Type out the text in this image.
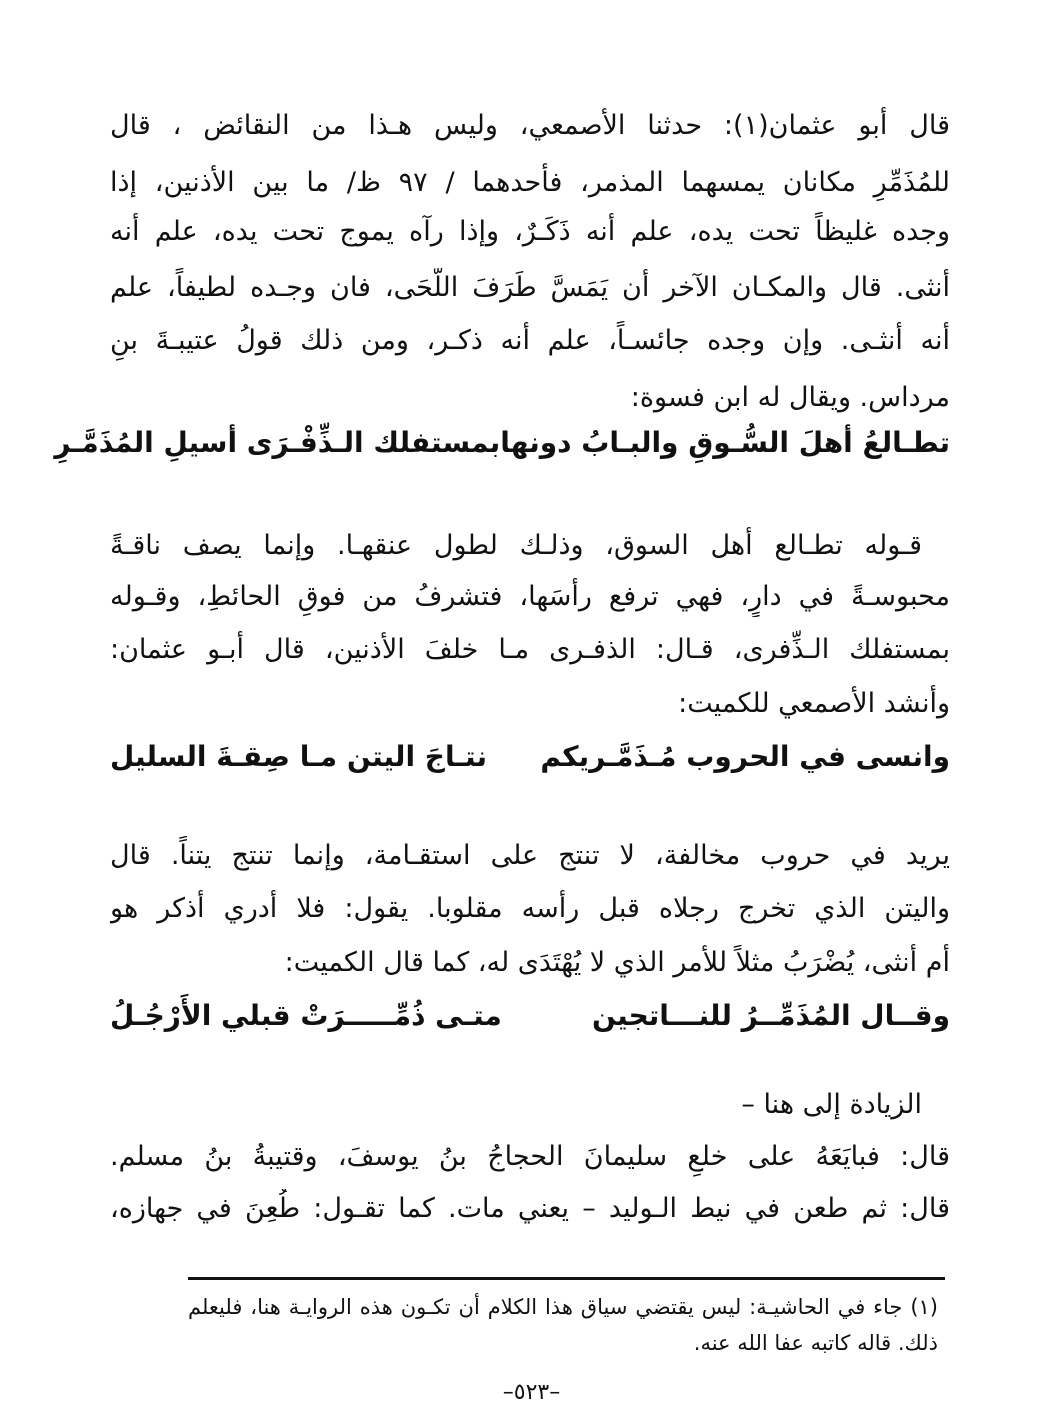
قال أبو عثمان(١): حدثنا الأصمعي، وليس هـذا من النقائض ، قال
للمُذَمِّرِ مكانان يمسهما المذمر، فأحدهما / ٩٧ ظ/ ما بين الأذنين، إذا
وجده غليظاً تحت يده، علم أنه ذَكَـرٌ، وإذا رآه يموج تحت يده، علم أنه
أنثى. قال والمكـان الآخر أن يَمَسَّ طَرَفَ اللَّحَى، فان وجـده لطيفاً، علم
أنه أنثـى. وإن وجده جائسـاً، علم أنه ذكـر، ومن ذلك قولُ عتيبـةَ بنِ
مرداس. ويقال له ابن فسوة:
تطـالعُ أهلَ السُّـوقِ والبـابُ دونها
بمستفلك الـذِّفْـرَى أسيلِ المُذَمَّـرِ
قـوله تطـالع أهل السوق، وذلـك لطول عنقهـا. وإنما يصف ناقـةً
محبوسـةً في دارٍ، فهي ترفع رأسَها، فتشرفُ من فوقِ الحائطِ، وقـوله
بمستفلك الـذِّفرى، قـال: الذفـرى مـا خلفَ الأذنين، قال أبـو عثمان:
وأنشد الأصمعي للكميت:
وانسى في الحروب مُـذَمَّـريكم
نتـاجَ اليتن مـا صِقـةَ السليل
يريد في حروب مخالفة، لا تنتج على استقـامة، وإنما تنتج يتناً. قال
واليتن الذي تخرج رجلاه قبل رأسه مقلوبا. يقول: فلا أدري أذكر هو
أم أنثى، يُضْرَبُ مثلاً للأمر الذي لا يُهْتَدَى له، كما قال الكميت:
وقــال المُذَمِّــرُ للنـــاتجين
متـى ذُمِّـــــرَتْ قبلي الأَرْجُـلُ
الزيادة إلى هنا –
قال: فبايَعَهُ على خلعِ سليمانَ الحجاجُ بنُ يوسفَ، وقتيبةُ بنُ مسلم.
قال: ثم طعن في نيط الـوليد – يعني مات. كما تقـول: طُعِنَ في جهازه،
(١) جاء في الحاشيـة: ليس يقتضي سياق هذا الكلام أن تكـون هذه الروايـة هنا، فليعلم
ذلك. قاله كاتبه عفا الله عنه.
–٥٢٣–
